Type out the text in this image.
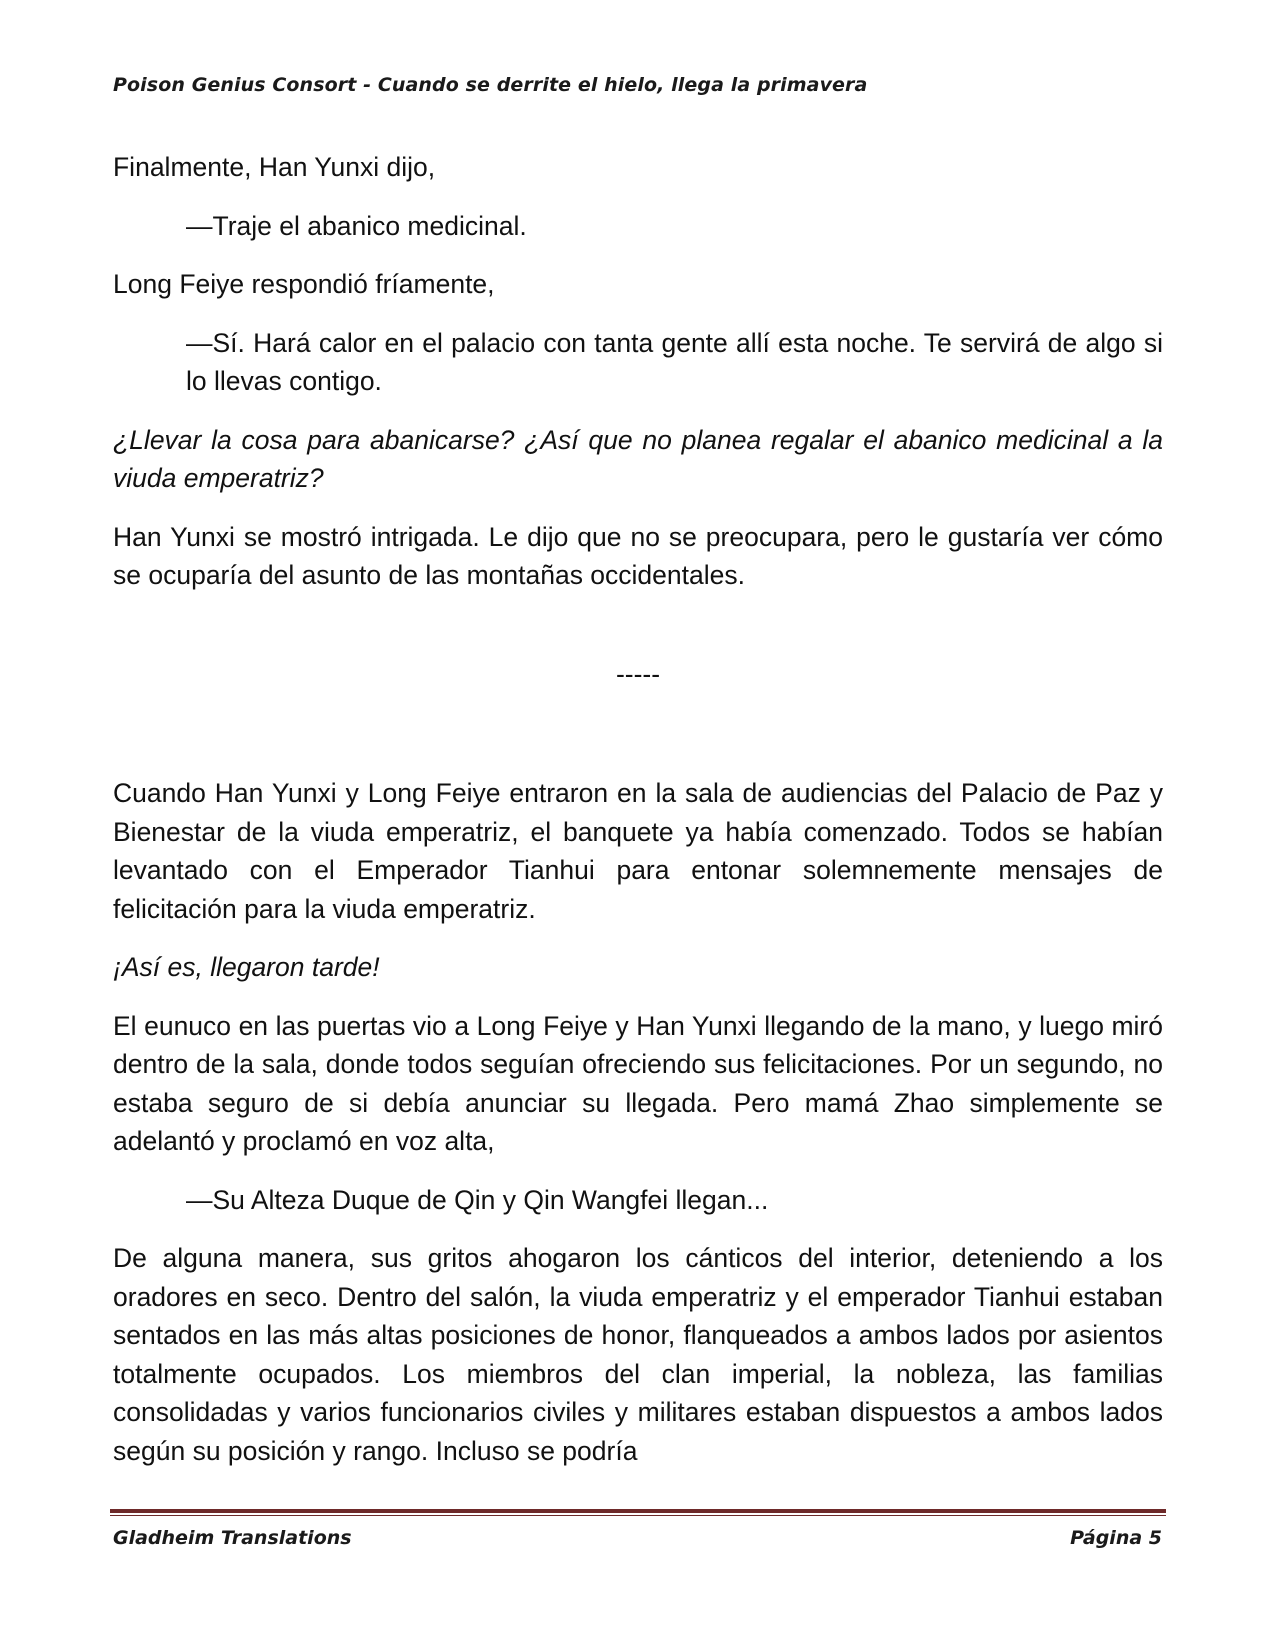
Poison Genius Consort - Cuando se derrite el hielo, llega la primavera

Finalmente, Han Yunxi dijo,

—Traje el abanico medicinal.

Long Feiye respondió fríamente,

—Sí. Hará calor en el palacio con tanta gente allí esta noche. Te servirá de algo si lo llevas contigo.

¿Llevar la cosa para abanicarse? ¿Así que no planea regalar el abanico medicinal a la viuda emperatriz?

Han Yunxi se mostró intrigada. Le dijo que no se preocupara, pero le gustaría ver cómo se ocuparía del asunto de las montañas occidentales.

-----

Cuando Han Yunxi y Long Feiye entraron en la sala de audiencias del Palacio de Paz y Bienestar de la viuda emperatriz, el banquete ya había comenzado. Todos se habían levantado con el Emperador Tianhui para entonar solemnemente mensajes de felicitación para la viuda emperatriz.

¡Así es, llegaron tarde!

El eunuco en las puertas vio a Long Feiye y Han Yunxi llegando de la mano, y luego miró dentro de la sala, donde todos seguían ofreciendo sus felicitaciones. Por un segundo, no estaba seguro de si debía anunciar su llegada. Pero mamá Zhao simplemente se adelantó y proclamó en voz alta,

—Su Alteza Duque de Qin y Qin Wangfei llegan...

De alguna manera, sus gritos ahogaron los cánticos del interior, deteniendo a los oradores en seco. Dentro del salón, la viuda emperatriz y el emperador Tianhui estaban sentados en las más altas posiciones de honor, flanqueados a ambos lados por asientos totalmente ocupados. Los miembros del clan imperial, la nobleza, las familias consolidadas y varios funcionarios civiles y militares estaban dispuestos a ambos lados según su posición y rango. Incluso se podría

Gladheim Translations	Página 5
